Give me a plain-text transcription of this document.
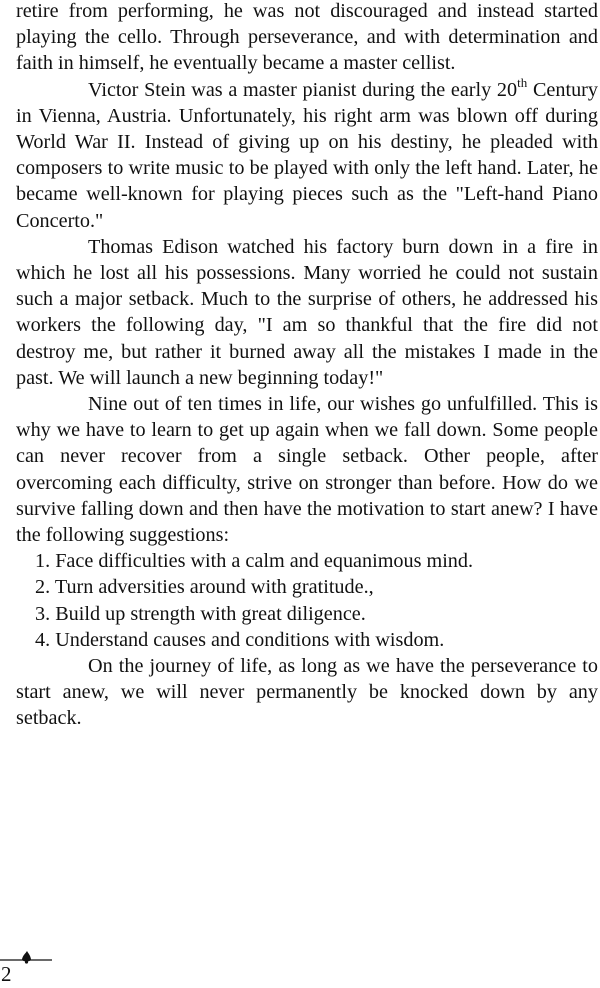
retire from performing, he was not discouraged and instead started playing the cello. Through perseverance, and with determination and faith in himself, he eventually became a master cellist.

Victor Stein was a master pianist during the early 20th Century in Vienna, Austria. Unfortunately, his right arm was blown off during World War II. Instead of giving up on his destiny, he pleaded with composers to write music to be played with only the left hand. Later, he became well-known for playing pieces such as the "Left-hand Piano Concerto."

Thomas Edison watched his factory burn down in a fire in which he lost all his possessions. Many worried he could not sustain such a major setback. Much to the surprise of others, he addressed his workers the following day, "I am so thankful that the fire did not destroy me, but rather it burned away all the mistakes I made in the past. We will launch a new beginning today!"

Nine out of ten times in life, our wishes go unfulfilled. This is why we have to learn to get up again when we fall down. Some people can never recover from a single setback. Other people, after overcoming each difficulty, strive on stronger than before. How do we survive falling down and then have the motivation to start anew? I have the following suggestions:

1. Face difficulties with a calm and equanimous mind.
2. Turn adversities around with gratitude.,
3. Build up strength with great diligence.
4. Understand causes and conditions with wisdom.

On the journey of life, as long as we have the perseverance to start anew, we will never permanently be knocked down by any setback.

2
